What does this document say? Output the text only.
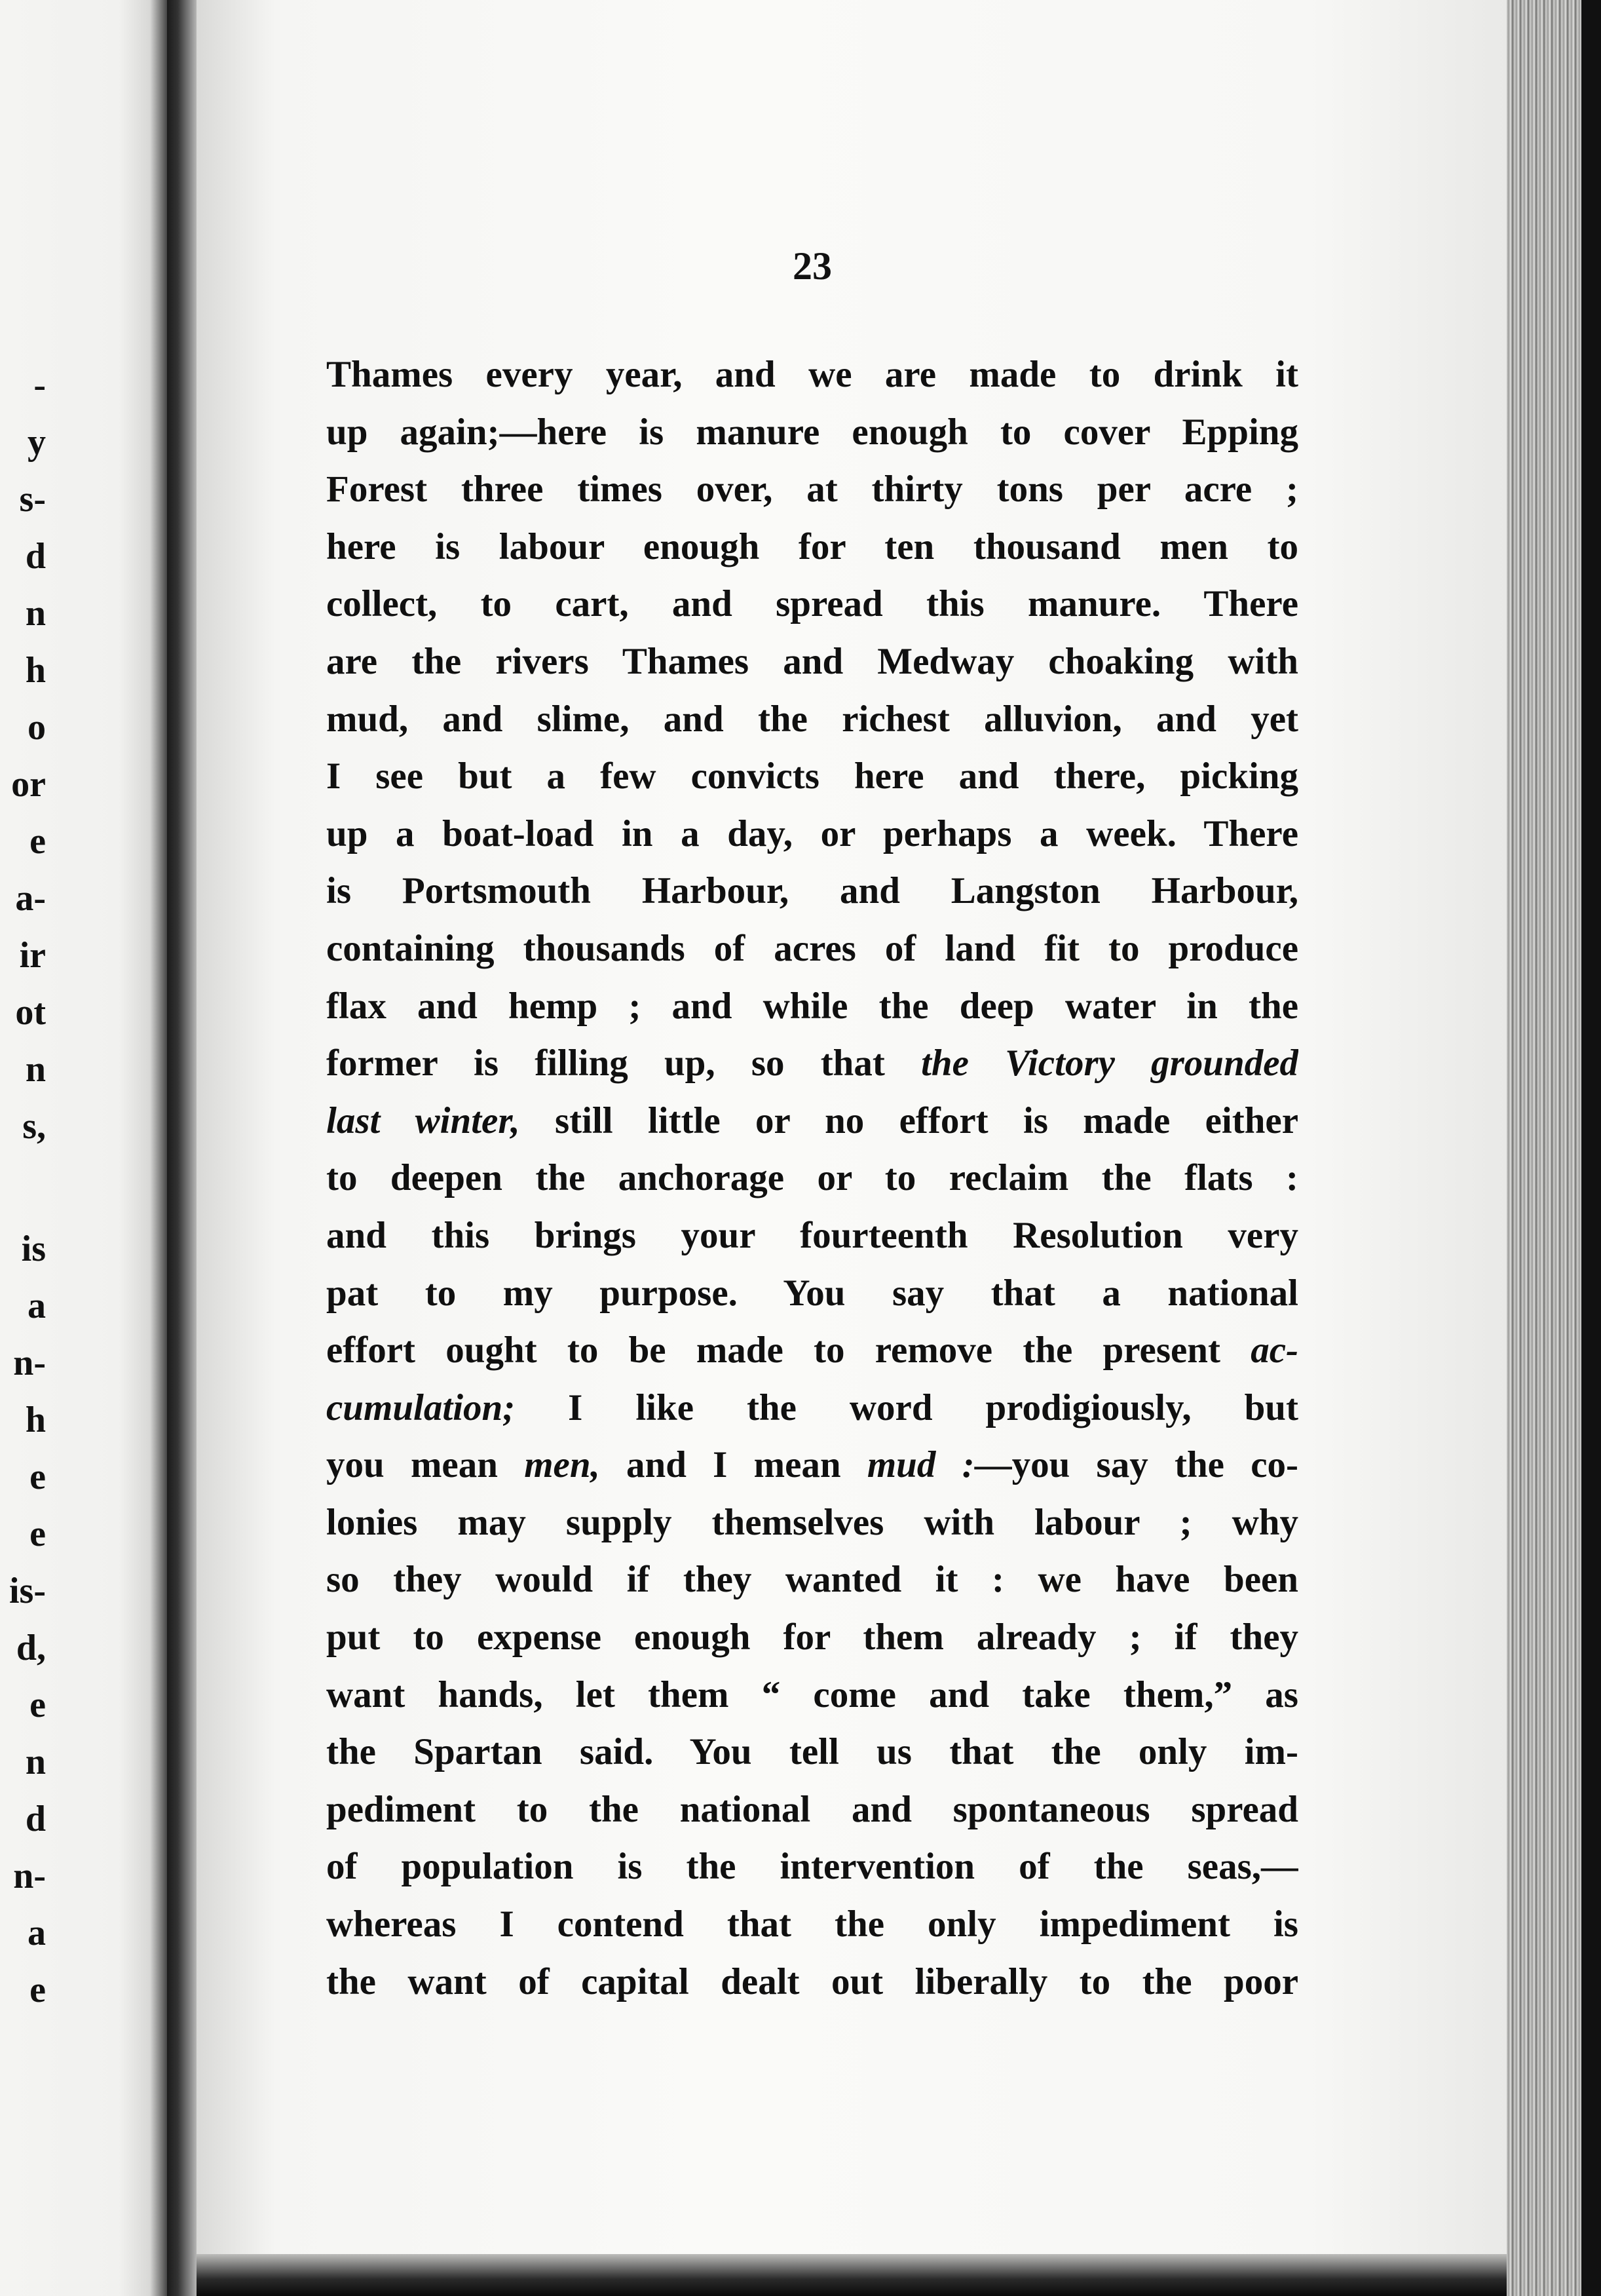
-
y
s-
d
n
h
o
or
e
a-
ir
ot
n
s,
is
a
n-
h
e
e
is-
d,
e
n
d
n-
a
e

23

Thames every year, and we are made to drink it
up again;—here is manure enough to cover Epping
Forest three times over, at thirty tons per acre ;
here is labour enough for ten thousand men to
collect, to cart, and spread this manure. There
are the rivers Thames and Medway choaking with
mud, and slime, and the richest alluvion, and yet
I see but a few convicts here and there, picking
up a boat-load in a day, or perhaps a week. There
is Portsmouth Harbour, and Langston Harbour,
containing thousands of acres of land fit to produce
flax and hemp ; and while the deep water in the
former is filling up, so that the Victory grounded
last winter, still little or no effort is made either
to deepen the anchorage or to reclaim the flats :
and this brings your fourteenth Resolution very
pat to my purpose. You say that a national
effort ought to be made to remove the present ac-
cumulation; I like the word prodigiously, but
you mean men, and I mean mud :—you say the co-
lonies may supply themselves with labour ; why
so they would if they wanted it : we have been
put to expense enough for them already ; if they
want hands, let them “ come and take them,” as
the Spartan said. You tell us that the only im-
pediment to the national and spontaneous spread
of population is the intervention of the seas,—
whereas I contend that the only impediment is
the want of capital dealt out liberally to the poor
